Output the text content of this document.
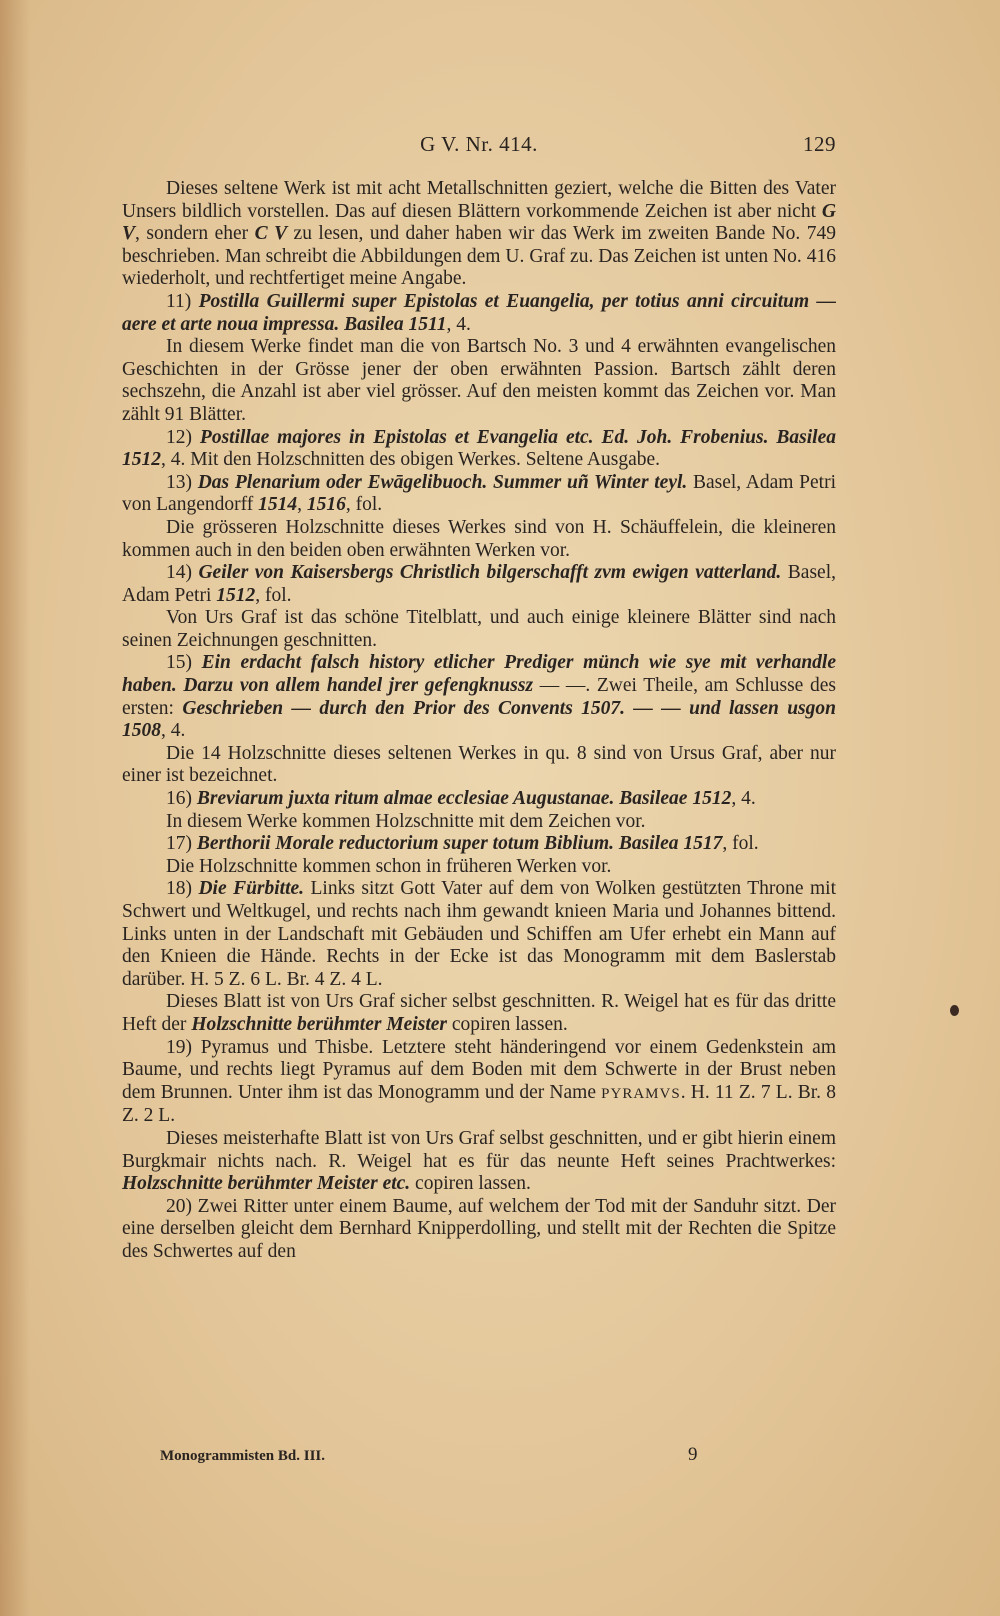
G V. Nr. 414.	129

Dieses seltene Werk ist mit acht Metallschnitten geziert, welche die Bitten des Vater Unsers bildlich vorstellen. Das auf diesen Blättern vorkommende Zeichen ist aber nicht G V, sondern eher C V zu lesen, und daher haben wir das Werk im zweiten Bande No. 749 beschrieben. Man schreibt die Abbildungen dem U. Graf zu. Das Zeichen ist unten No. 416 wiederholt, und rechtfertiget meine Angabe.

11) Postilla Guillermi super Epistolas et Euangelia, per totius anni circuitum — aere et arte noua impressa. Basilea 1511, 4.

In diesem Werke findet man die von Bartsch No. 3 und 4 erwähnten evangelischen Geschichten in der Grösse jener der oben erwähnten Passion. Bartsch zählt deren sechszehn, die Anzahl ist aber viel grösser. Auf den meisten kommt das Zeichen vor. Man zählt 91 Blätter.

12) Postillae majores in Epistolas et Evangelia etc. Ed. Joh. Frobenius. Basilea 1512, 4. Mit den Holzschnitten des obigen Werkes. Seltene Ausgabe.

13) Das Plenarium oder Ewāgelibuoch. Summer uñ Winter teyl. Basel, Adam Petri von Langendorff 1514, 1516, fol.

Die grösseren Holzschnitte dieses Werkes sind von H. Schäuffelein, die kleineren kommen auch in den beiden oben erwähnten Werken vor.

14) Geiler von Kaisersbergs Christlich bilgerschafft zvm ewigen vatterland. Basel, Adam Petri 1512, fol.

Von Urs Graf ist das schöne Titelblatt, und auch einige kleinere Blätter sind nach seinen Zeichnungen geschnitten.

15) Ein erdacht falsch history etlicher Prediger münch wie sye mit verhandle haben. Darzu von allem handel jrer gefengknussz — —. Zwei Theile, am Schlusse des ersten: Geschrieben — durch den Prior des Convents 1507. — — und lassen usgon 1508, 4.

Die 14 Holzschnitte dieses seltenen Werkes in qu. 8 sind von Ursus Graf, aber nur einer ist bezeichnet.

16) Breviarum juxta ritum almae ecclesiae Augustanae. Basileae 1512, 4.

In diesem Werke kommen Holzschnitte mit dem Zeichen vor.

17) Berthorii Morale reductorium super totum Biblium. Basilea 1517, fol.

Die Holzschnitte kommen schon in früheren Werken vor.

18) Die Fürbitte. Links sitzt Gott Vater auf dem von Wolken gestützten Throne mit Schwert und Weltkugel, und rechts nach ihm gewandt knieen Maria und Johannes bittend. Links unten in der Landschaft mit Gebäuden und Schiffen am Ufer erhebt ein Mann auf den Knieen die Hände. Rechts in der Ecke ist das Monogramm mit dem Baslerstab darüber. H. 5 Z. 6 L. Br. 4 Z. 4 L.

Dieses Blatt ist von Urs Graf sicher selbst geschnitten. R. Weigel hat es für das dritte Heft der Holzschnitte berühmter Meister copiren lassen.

19) Pyramus und Thisbe. Letztere steht händeringend vor einem Gedenkstein am Baume, und rechts liegt Pyramus auf dem Boden mit dem Schwerte in der Brust neben dem Brunnen. Unter ihm ist das Monogramm und der Name PYRAMVS. H. 11 Z. 7 L. Br. 8 Z. 2 L.

Dieses meisterhafte Blatt ist von Urs Graf selbst geschnitten, und er gibt hierin einem Burgkmair nichts nach. R. Weigel hat es für das neunte Heft seines Prachtwerkes: Holzschnitte berühmter Meister etc. copiren lassen.

20) Zwei Ritter unter einem Baume, auf welchem der Tod mit der Sanduhr sitzt. Der eine derselben gleicht dem Bernhard Knipperdolling, und stellt mit der Rechten die Spitze des Schwertes auf den

Monogrammisten Bd. III.	9
